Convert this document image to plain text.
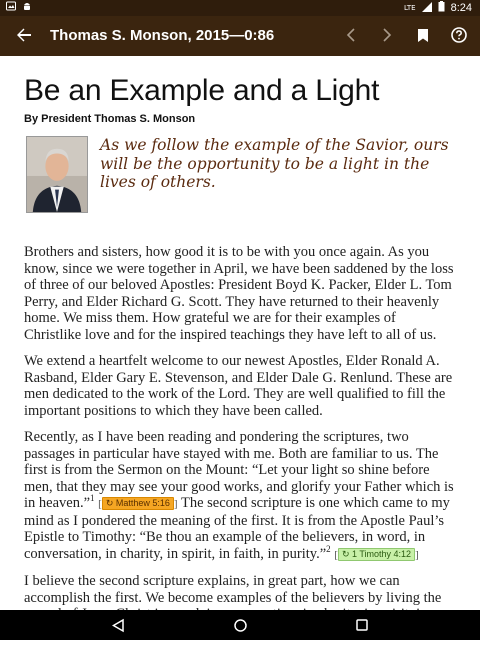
LTE	8:24
Thomas S. Monson, 2015—0:86
Be an Example and a Light
By President Thomas S. Monson
As we follow the example of the Savior, ours will be the opportunity to be a light in the lives of others.

Brothers and sisters, how good it is to be with you once again. As you know, since we were together in April, we have been saddened by the loss of three of our beloved Apostles: President Boyd K. Packer, Elder L. Tom Perry, and Elder Richard G. Scott. They have returned to their heavenly home. We miss them. How grateful we are for their examples of Christlike love and for the inspired teachings they have left to all of us.

We extend a heartfelt welcome to our newest Apostles, Elder Ronald A. Rasband, Elder Gary E. Stevenson, and Elder Dale G. Renlund. These are men dedicated to the work of the Lord. They are well qualified to fill the important positions to which they have been called.

Recently, as I have been reading and pondering the scriptures, two passages in particular have stayed with me. Both are familiar to us. The first is from the Sermon on the Mount: “Let your light so shine before men, that they may see your good works, and glorify your Father which is in heaven.”$^1$ [ ↻ Matthew 5:16 ] The second scripture is one which came to my mind as I pondered the meaning of the first. It is from the Apostle Paul’s Epistle to Timothy: “Be thou an example of the believers, in word, in conversation, in charity, in spirit, in faith, in purity.”$^2$ [ ↻ 1 Timothy 4:12 ]

I believe the second scripture explains, in great part, how we can accomplish the first. We become examples of the believers by living the
